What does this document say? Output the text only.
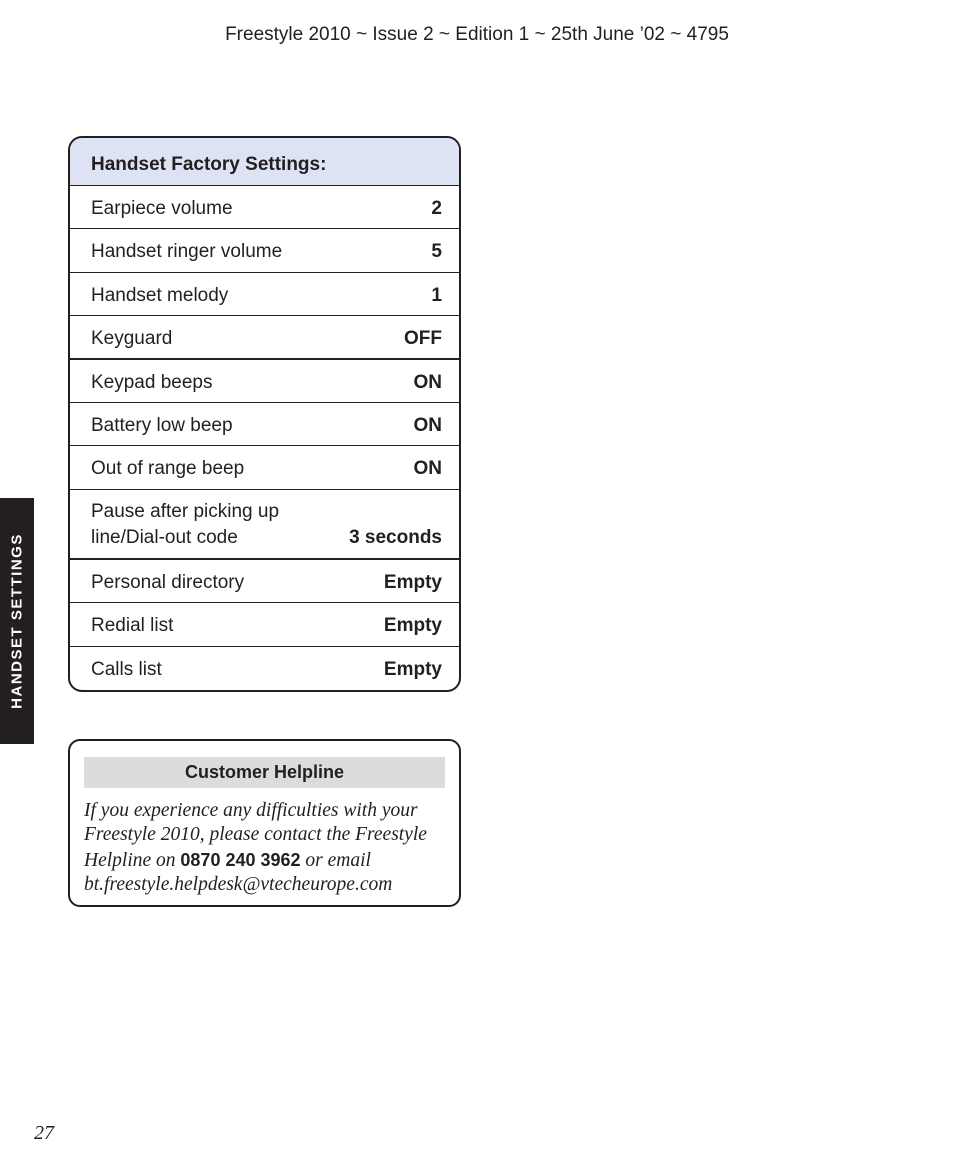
Freestyle 2010 ~ Issue 2 ~ Edition 1 ~ 25th June ’02 ~ 4795
HANDSET SETTINGS
Handset Factory Settings:
Earpiece volume	2
Handset ringer volume	5
Handset melody	1
Keyguard	OFF
Keypad beeps	ON
Battery low beep	ON
Out of range beep	ON
Pause after picking up
line/Dial-out code	3 seconds
Personal directory	Empty
Redial list	Empty
Calls list	Empty
Customer Helpline
If you experience any difficulties with your Freestyle 2010, please contact the Freestyle Helpline on 0870 240 3962 or email bt.freestyle.helpdesk@vtecheurope.com
27
